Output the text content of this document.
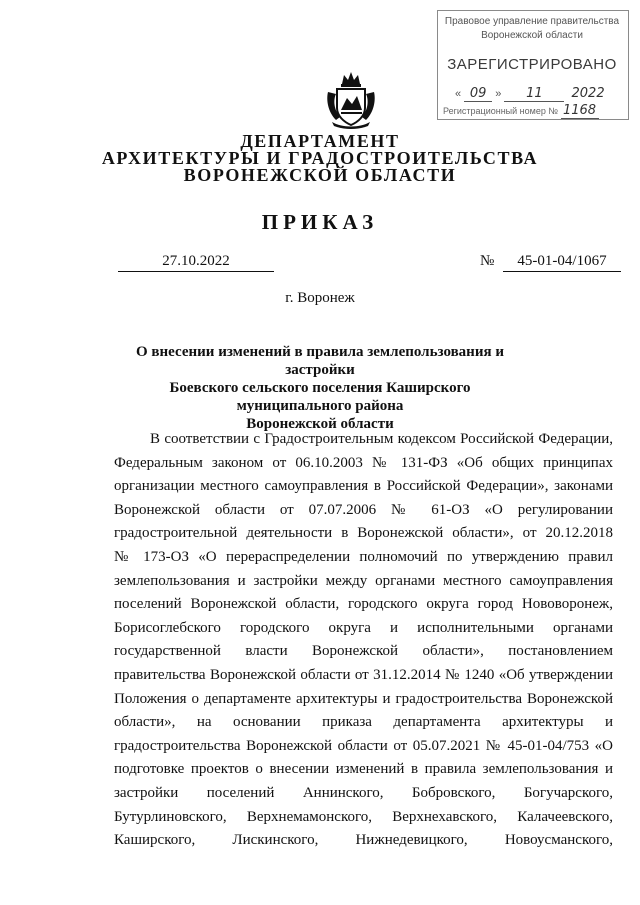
Правовое управление правительства
Воронежской области
ЗАРЕГИСТРИРОВАНО
« 09 » 11 2022
Регистрационный номер № 1168
ДЕПАРТАМЕНТ
АРХИТЕКТУРЫ И ГРАДОСТРОИТЕЛЬСТВА
ВОРОНЕЖСКОЙ ОБЛАСТИ
ПРИКАЗ
27.10.2022	№	45-01-04/1067
г. Воронеж
О внесении изменений в правила землепользования и застройки
Боевского сельского поселения Каширского муниципального района
Воронежской области
В соответствии с Градостроительным кодексом Российской Федерации,
Федеральным законом от 06.10.2003 № 131-ФЗ «Об общих принципах
организации местного самоуправления в Российской Федерации», законами
Воронежской области от 07.07.2006 № 61-ОЗ «О регулировании
градостроительной деятельности в Воронежской области», от 20.12.2018
№ 173-ОЗ «О перераспределении полномочий по утверждению правил
землепользования и застройки между органами местного самоуправления
поселений Воронежской области, городского округа город Нововоронеж,
Борисоглебского городского округа и исполнительными органами
государственной власти Воронежской области», постановлением
правительства Воронежской области от 31.12.2014 № 1240 «Об утверждении
Положения о департаменте архитектуры и градостроительства Воронежской
области», на основании приказа департамента архитектуры и
градостроительства Воронежской области от 05.07.2021 № 45-01-04/753 «О
подготовке проектов о внесении изменений в правила землепользования и
застройки поселений Аннинского, Бобровского, Богучарского,
Бутурлиновского, Верхнемамонского, Верхнехавского, Калачеевского,
Каширского, Лискинского, Нижнедевицкого, Новоусманского,
